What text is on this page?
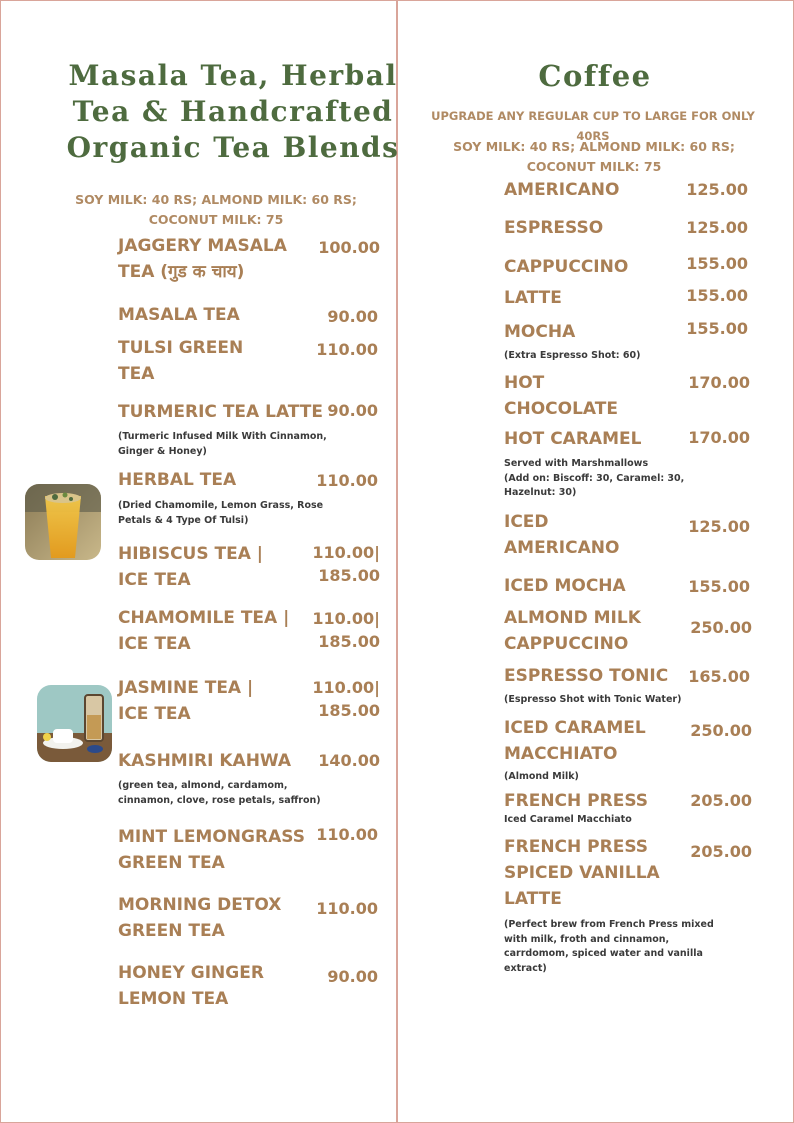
Masala Tea, Herbal
Tea & Handcrafted
Organic Tea Blends
SOY MILK: 40 RS; ALMOND MILK: 60 RS;
COCONUT MILK: 75
JAGGERY MASALA
TEA (गुड क चाय)
100.00
MASALA TEA	90.00
TULSI GREEN
TEA
110.00
TURMERIC TEA LATTE 90.00
(Turmeric Infused Milk With Cinnamon,
Ginger & Honey)
HERBAL TEA	110.00
(Dried Chamomile, Lemon Grass, Rose
Petals & 4 Type Of Tulsi)
HIBISCUS TEA |
ICE TEA
110.00|
185.00
CHAMOMILE TEA |
ICE TEA
110.00|
185.00
JASMINE TEA |
ICE TEA
110.00|
185.00
KASHMIRI KAHWA	140.00
(green tea, almond, cardamom,
cinnamon, clove, rose petals, saffron)
MINT LEMONGRASS
GREEN TEA
110.00
MORNING DETOX
GREEN TEA
110.00
HONEY GINGER
LEMON TEA
90.00
Coffee
UPGRADE ANY REGULAR CUP TO LARGE FOR ONLY 40RS
SOY MILK: 40 RS; ALMOND MILK: 60 RS;
COCONUT MILK: 75
AMERICANO	125.00
ESPRESSO	125.00
CAPPUCCINO	155.00
LATTE	155.00
MOCHA	155.00
(Extra Espresso Shot: 60)
HOT
CHOCOLATE
170.00
HOT CARAMEL	170.00
Served with Marshmallows
(Add on: Biscoff: 30, Caramel: 30,
Hazelnut: 30)
ICED
AMERICANO
125.00
ICED MOCHA	155.00
ALMOND MILK
CAPPUCCINO
250.00
ESPRESSO TONIC	165.00
(Espresso Shot with Tonic Water)
ICED CARAMEL
MACCHIATO
250.00
(Almond Milk)
FRENCH PRESS	205.00
Iced Caramel Macchiato
FRENCH PRESS
SPICED VANILLA
LATTE
205.00
(Perfect brew from French Press mixed
with milk, froth and cinnamon,
carrdomom, spiced water and vanilla
extract)
